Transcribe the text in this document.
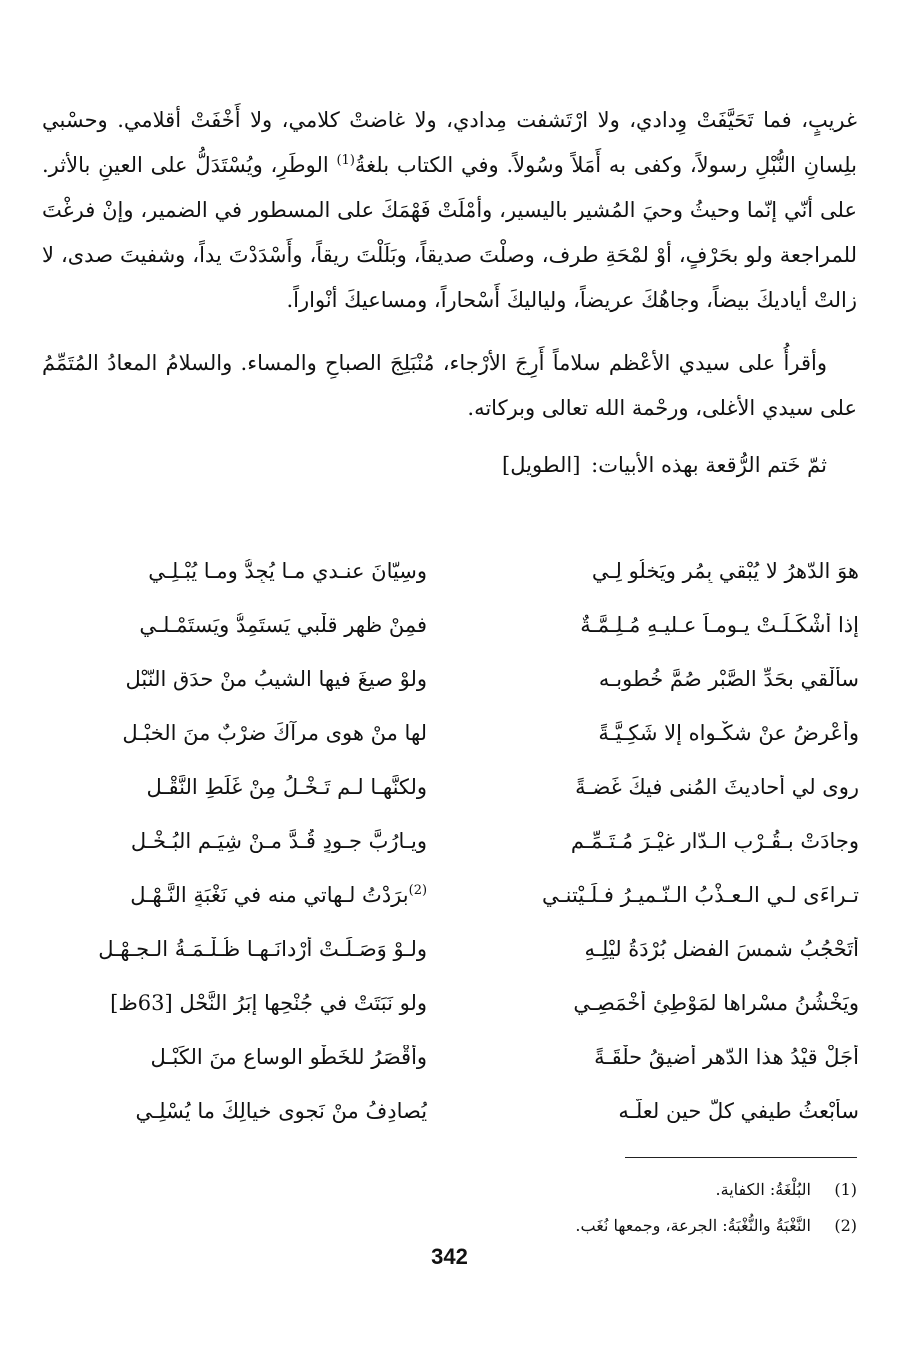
غريبٍ، فما تَحَيَّفَتْ وِدادي، ولا ارْتَشفت مِدادي، ولا غاضتْ كلامي، ولا أَخْفَتْ أقلامي. وحسْبي بلِسانِ النُّبْلِ رسولاً، وكفى به أَمَلاً وسُولاً. وفي الكتاب بلغةُ$^{(1)}$ الوطَرِ، ويُسْتَدَلُّ على العينِ بالأثر. على أنّي إنّما وحيثُ وحيَ المُشير باليسير، وأمْلَتْ فَهْمَكَ على المسطور في الضمير، وإنْ فرغْتَ للمراجعة ولو بحَرْفٍ، أوْ لمْحَةِ طرف، وصلْتَ صديقاً، وبَلَلْتَ ريقاً، وأَسْدَدْتَ يداً، وشفيتَ صدى، لا زالتْ أياديكَ بيضاً، وجاهُكَ عريضاً، ولياليكَ أَسْحاراً، ومساعيكَ أنْواراً.

وأقرأُ على سيدي الأعْظم سلاماً أَرِجَ الأرْجاء، مُنْبَلِجَ الصباحِ والمساء. والسلامُ المعادُ المُتَمِّمُ على سيدي الأغلى، ورحْمة الله تعالى وبركاته.

ثمّ خَتم الرُّقعة بهذه الأبيات: [الطويل]

هوَ الدّهرُ لا يُبْقي بِمُرٍ ويَخلُو لِـي
وسِيّانَ عنـدي مـا يُجِدُّ ومـا يُبْـلِـي
إذا أشْكَـلَـتْ يـومـاً عـليـهِ مُـلِـمَّـةٌ
فمِنْ ظهرِ قلْبي يَستَمِدُّ ويَستَمْـلـي
سأُلْقي بحَدِّ الصَّبْرِ صُمَّ خُطوبـه
ولوْ صيغَ فيها الشيبُ منْ حدَقِ النّبْلِ
وأُعْرِضُ عنْ شكْـواه إلا شَكِـيَّـةً
لها منْ هوى مرآكَ ضرْبٌ منَ الخبْـلِ
روى لي أحاديثَ المُنى فيكَ غَضـةً
ولكنَّهـا لـم تَـخْـلُ مِنْ غَلَطِ النَّقْـلِ
وجادَتْ بـقُـرْبِ الـدّارِ غيْـرَ مُـتَـمِّـمٍ
ويـارُبَّ جـودٍ قُـدَّ مـنْ شِيَـمِ البُـخْـلِ
تـراءَى لـي الـعـذْبُ الـنّـميـرُ فـلَـيْتنـي
$^{(2)}$برَدْتُ لـهاتي منه في نَغْبَةٍ النَّـهْـلِ
أتَحْجُبُ شمسَ الفضلِ بُرْدَةُ ليْلِـهِ
ولـوْ وَصَـلَـتْ أرْدانَـهـا ظُـلْـمَـةُ الـجـهْـلِ
ويَخْشُنُ مسْراها لمَوْطِئِ أَخْمَصِـي
ولو نَبَتَتْ في جُنْحِها إبَرُ النَّحْلِ [63ظ]
أجَلْ قيْدُ هذا الدّهرِ أضيقُ حلْقَـةً
وأقْصَرُ للخَطْوِ الوساعِ منَ الكَبْـلِ
سأبْعثُ طيفي كلَّ حينٍ لعلّـه
يُصادِفُ منْ نَجوى خيالِكَ ما يُسْلِـي
(1)
البُلْغَةُ: الكفاية.
(2)
النَّغْبَةُ والنُّغْبَةُ: الجرعة، وجمعها نُغَب.
342
